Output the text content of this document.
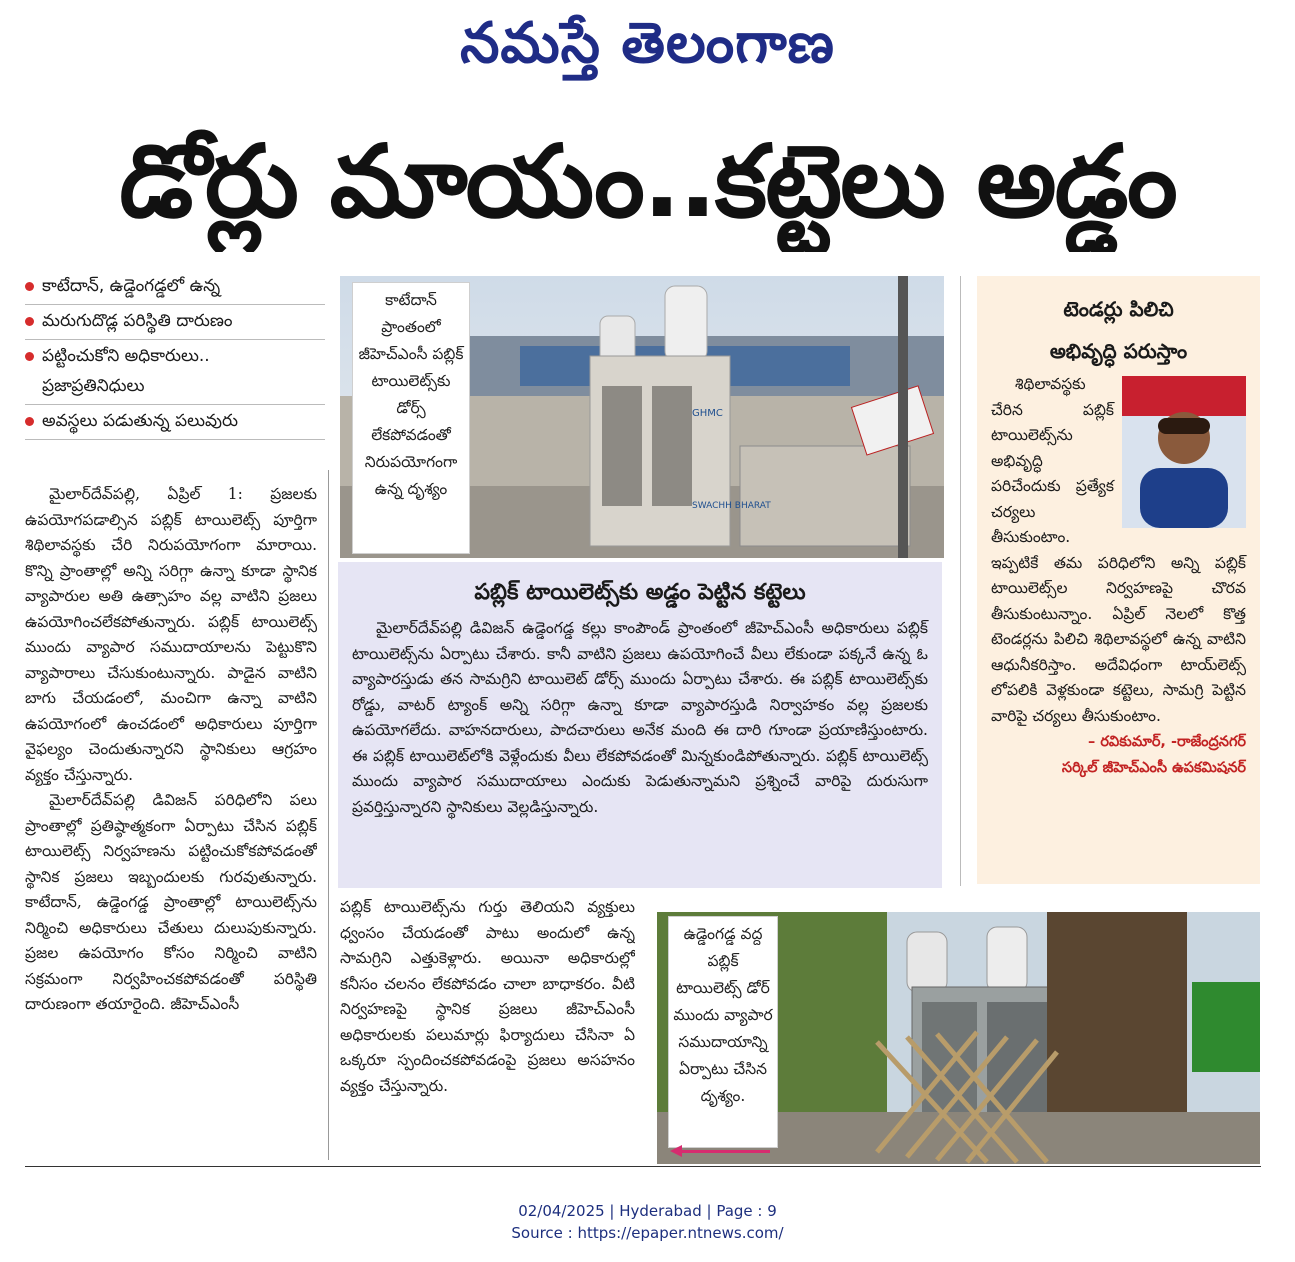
నమస్తే తెలంగాణ
డోర్లు మాయం..కట్టెలు అడ్డం
కాటేదాన్, ఉడ్డెంగడ్డలో ఉన్న
మరుగుదొడ్ల పరిస్థితి దారుణం
పట్టించుకోని అధికారులు..
ప్రజాప్రతినిధులు
అవస్థలు పడుతున్న పలువురు

మైలార్‌దేవ్‌పల్లి, ఏప్రిల్ 1: ప్రజలకు ఉపయోగపడాల్సిన పబ్లిక్ టాయిలెట్స్ పూర్తిగా శిథిలావస్థకు చేరి నిరుపయోగంగా మారాయి. కొన్ని ప్రాంతాల్లో అన్ని సరిగ్గా ఉన్నా కూడా స్థానిక వ్యాపారుల అతి ఉత్సాహం వల్ల వాటిని ప్రజలు ఉపయోగించలేకపోతున్నారు. పబ్లిక్ టాయిలెట్స్ ముందు వ్యాపార సముదాయాలను పెట్టుకొని వ్యాపారాలు చేసుకుంటున్నారు. పాడైన వాటిని బాగు చేయడంలో, మంచిగా ఉన్నా వాటిని ఉపయోగంలో ఉంచడంలో అధికారులు పూర్తిగా వైఫల్యం చెందుతున్నారని స్థానికులు ఆగ్రహం వ్యక్తం చేస్తున్నారు.

మైలార్‌దేవ్‌పల్లి డివిజన్ పరిధిలోని పలు ప్రాంతాల్లో ప్రతిష్ఠాత్మకంగా ఏర్పాటు చేసిన పబ్లిక్ టాయిలెట్స్ నిర్వహణను పట్టించుకోకపోవడంతో స్థానిక ప్రజలు ఇబ్బందులకు గురవుతున్నారు. కాటేదాన్, ఉడ్డెంగడ్డ ప్రాంతాల్లో టాయిలెట్స్‌ను నిర్మించి అధికారులు చేతులు దులుపుకున్నారు. ప్రజల ఉపయోగం కోసం నిర్మించి వాటిని సక్రమంగా నిర్వహించకపోవడంతో పరిస్థితి దారుణంగా తయారైంది. జీహెచ్‌ఎంసీ

GHMC
SWACHH BHARAT
కాటేదాన్ ప్రాంతంలో జీహెచ్‌ఎంసీ పబ్లిక్ టాయిలెట్స్‌కు డోర్స్ లేకపోవడంతో నిరుపయోగంగా ఉన్న దృశ్యం
పబ్లిక్ టాయిలెట్స్‌కు అడ్డం పెట్టిన కట్టెలు
మైలార్‌దేవ్‌పల్లి డివిజన్ ఉడ్డెంగడ్డ కల్లు కాంపౌండ్ ప్రాంతంలో జీహెచ్‌ఎంసీ అధికారులు పబ్లిక్ టాయిలెట్స్‌ను ఏర్పాటు చేశారు. కానీ వాటిని ప్రజలు ఉపయోగించే వీలు లేకుండా పక్కనే ఉన్న ఓ వ్యాపారస్తుడు తన సామగ్రిని టాయిలెట్ డోర్స్ ముందు ఏర్పాటు చేశారు. ఈ పబ్లిక్ టాయిలెట్స్‌కు రోడ్డు, వాటర్ ట్యాంక్ అన్ని సరిగ్గా ఉన్నా కూడా వ్యాపారస్తుడి నిర్వాహకం వల్ల ప్రజలకు ఉపయోగలేదు. వాహనదారులు, పాదచారులు అనేక మంది ఈ దారి గూండా ప్రయాణిస్తుంటారు. ఈ పబ్లిక్ టాయిలెట్‌లోకి వెళ్లేందుకు వీలు లేకపోవడంతో మిన్నకుండిపోతున్నారు. పబ్లిక్ టాయిలెట్స్ ముందు వ్యాపార సముదాయాలు ఎందుకు పెడుతున్నామని ప్రశ్నించే వారిపై దురుసుగా ప్రవర్తిస్తున్నారని స్థానికులు వెల్లడిస్తున్నారు.
టెండర్లు పిలిచి
అభివృద్ధి పరుస్తాం
శిథిలావస్థకు చేరిన పబ్లిక్ టాయిలెట్స్‌ను అభివృద్ధి పరిచేందుకు ప్రత్యేక చర్యలు తీసుకుంటాం. ఇప్పటికే తమ పరిధిలోని అన్ని పబ్లిక్ టాయిలెట్స్‌ల నిర్వహణపై చొరవ తీసుకుంటున్నాం. ఏప్రిల్ నెలలో కొత్త టెండర్లను పిలిచి శిథిలావస్థలో ఉన్న వాటిని ఆధునీకరిస్తాం. అదేవిధంగా టాయ్‌లెట్స్ లోపలికి వెళ్లకుండా కట్టెలు, సామగ్రి పెట్టిన వారిపై చర్యలు తీసుకుంటాం.
– రవికుమార్, -రాజేంద్రనగర్
సర్కిల్ జీహెచ్‌ఎంసీ ఉపకమిషనర్

పబ్లిక్ టాయిలెట్స్‌ను గుర్తు తెలియని వ్యక్తులు ధ్వంసం చేయడంతో పాటు అందులో ఉన్న సామగ్రిని ఎత్తుకెళ్లారు. అయినా అధికారుల్లో కనీసం చలనం లేకపోవడం చాలా బాధాకరం. వీటి నిర్వహణపై స్థానిక ప్రజలు జీహెచ్‌ఎంసీ అధికారులకు పలుమార్లు ఫిర్యాదులు చేసినా ఏ ఒక్కరూ స్పందించకపోవడంపై ప్రజలు అసహనం వ్యక్తం చేస్తున్నారు.

ఉడ్డెంగడ్డ వద్ద పబ్లిక్ టాయిలెట్స్ డోర్ ముందు వ్యాపార సముదాయాన్ని ఏర్పాటు చేసిన దృశ్యం.
02/04/2025 | Hyderabad | Page : 9
Source : https://epaper.ntnews.com/
